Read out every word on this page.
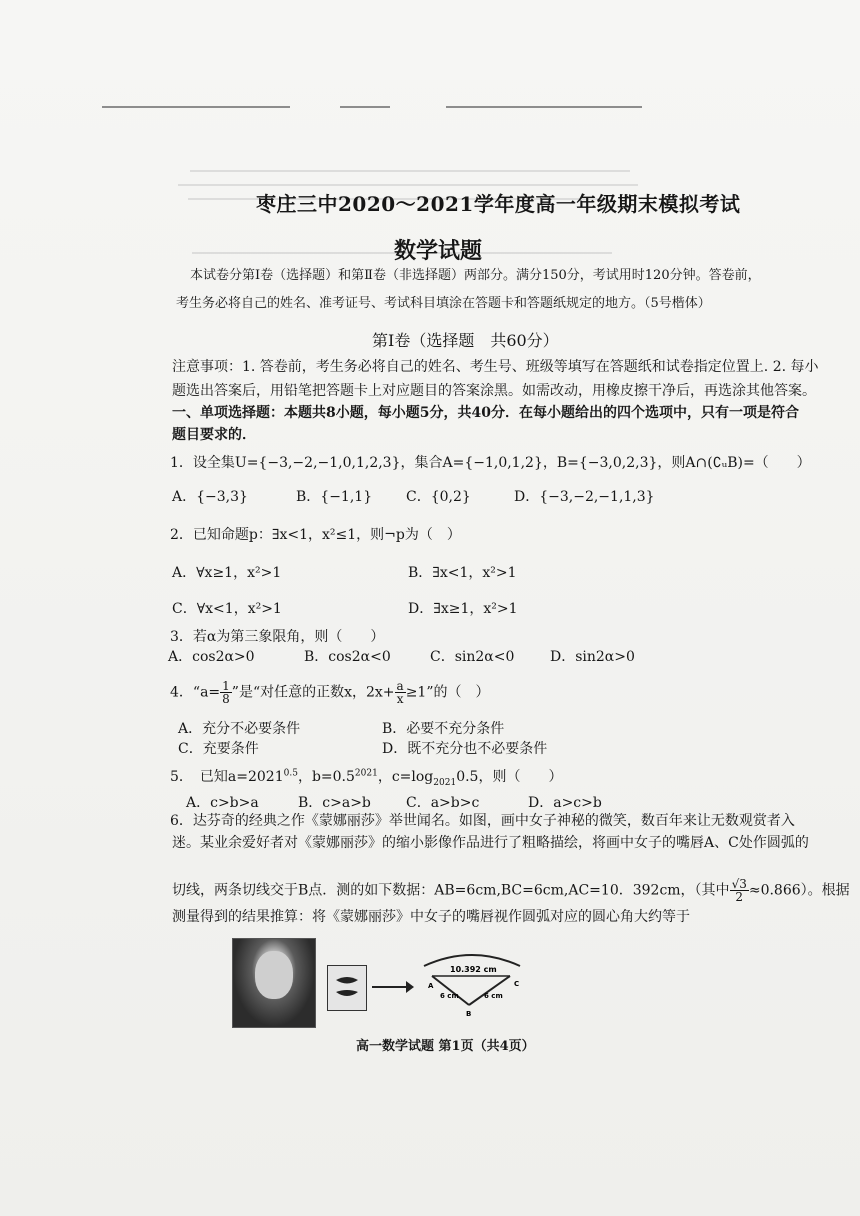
枣庄三中2020～2021学年度高一年级期末模拟考试
数学试题
本试卷分第Ⅰ卷（选择题）和第Ⅱ卷（非选择题）两部分。满分150分，考试用时120分钟。答卷前，
考生务必将自己的姓名、准考证号、考试科目填涂在答题卡和答题纸规定的地方。（5号楷体）
第Ⅰ卷（选择题　共60分）
注意事项：1. 答卷前，考生务必将自己的姓名、考生号、班级等填写在答题纸和试卷指定位置上. 2. 每小
题选出答案后，用铅笔把答题卡上对应题目的答案涂黑。如需改动，用橡皮擦干净后，再选涂其他答案。
一、单项选择题：本题共8小题，每小题5分，共40分．在每小题给出的四个选项中，只有一项是符合
题目要求的．
1．设全集U={−3,−2,−1,0,1,2,3}，集合A={−1,0,1,2}，B={−3,0,2,3}，则A∩(∁ᵤB)=（　　）
A．{−3,3}	B．{−1,1} C．{0,2}	D．{−3,−2,−1,1,3}
2．已知命题p：∃x<1，x²≤1，则¬p为（　）
A．∀x≥1，x²>1	B．∃x<1，x²>1
C．∀x<1，x²>1	D．∃x≥1，x²>1
3．若α为第三象限角，则（　　）
A．cos2α>0	B．cos2α<0	C．sin2α<0	D．sin2α>0
4．“$a= \frac{1}{8}$ ”是“对任意的正数x，$2x+ \frac{a}{x} \ge 1$”的（　）
A．充分不必要条件	B．必要不充分条件
C．充要条件	D．既不充分也不必要条件
5．　已知$a=2021^{0.5}$，$b=0.5^{2021}$，$c=\log_{2021}0.5$，则（　　）
A．c>b>a	B．c>a>b	C．a>b>c	D．a>c>b
6．达芬奇的经典之作《蒙娜丽莎》举世闻名。如图，画中女子神秘的微笑，数百年来让无数观赏者入
迷。某业余爱好者对《蒙娜丽莎》的缩小影像作品进行了粗略描绘，将画中女子的嘴唇A、C处作圆弧的
切线，两条切线交于B点．测的如下数据：AB=6cm,BC=6cm,AC=10．392cm，（其中 $\frac{√3}{2} \approx 0.866$）。根据
测量得到的结果推算：将《蒙娜丽莎》中女子的嘴唇视作圆弧对应的圆心角大约等于
10.392 cm
A	C
6 cm	6 cm
B
高一数学试题 第1页（共4页）
